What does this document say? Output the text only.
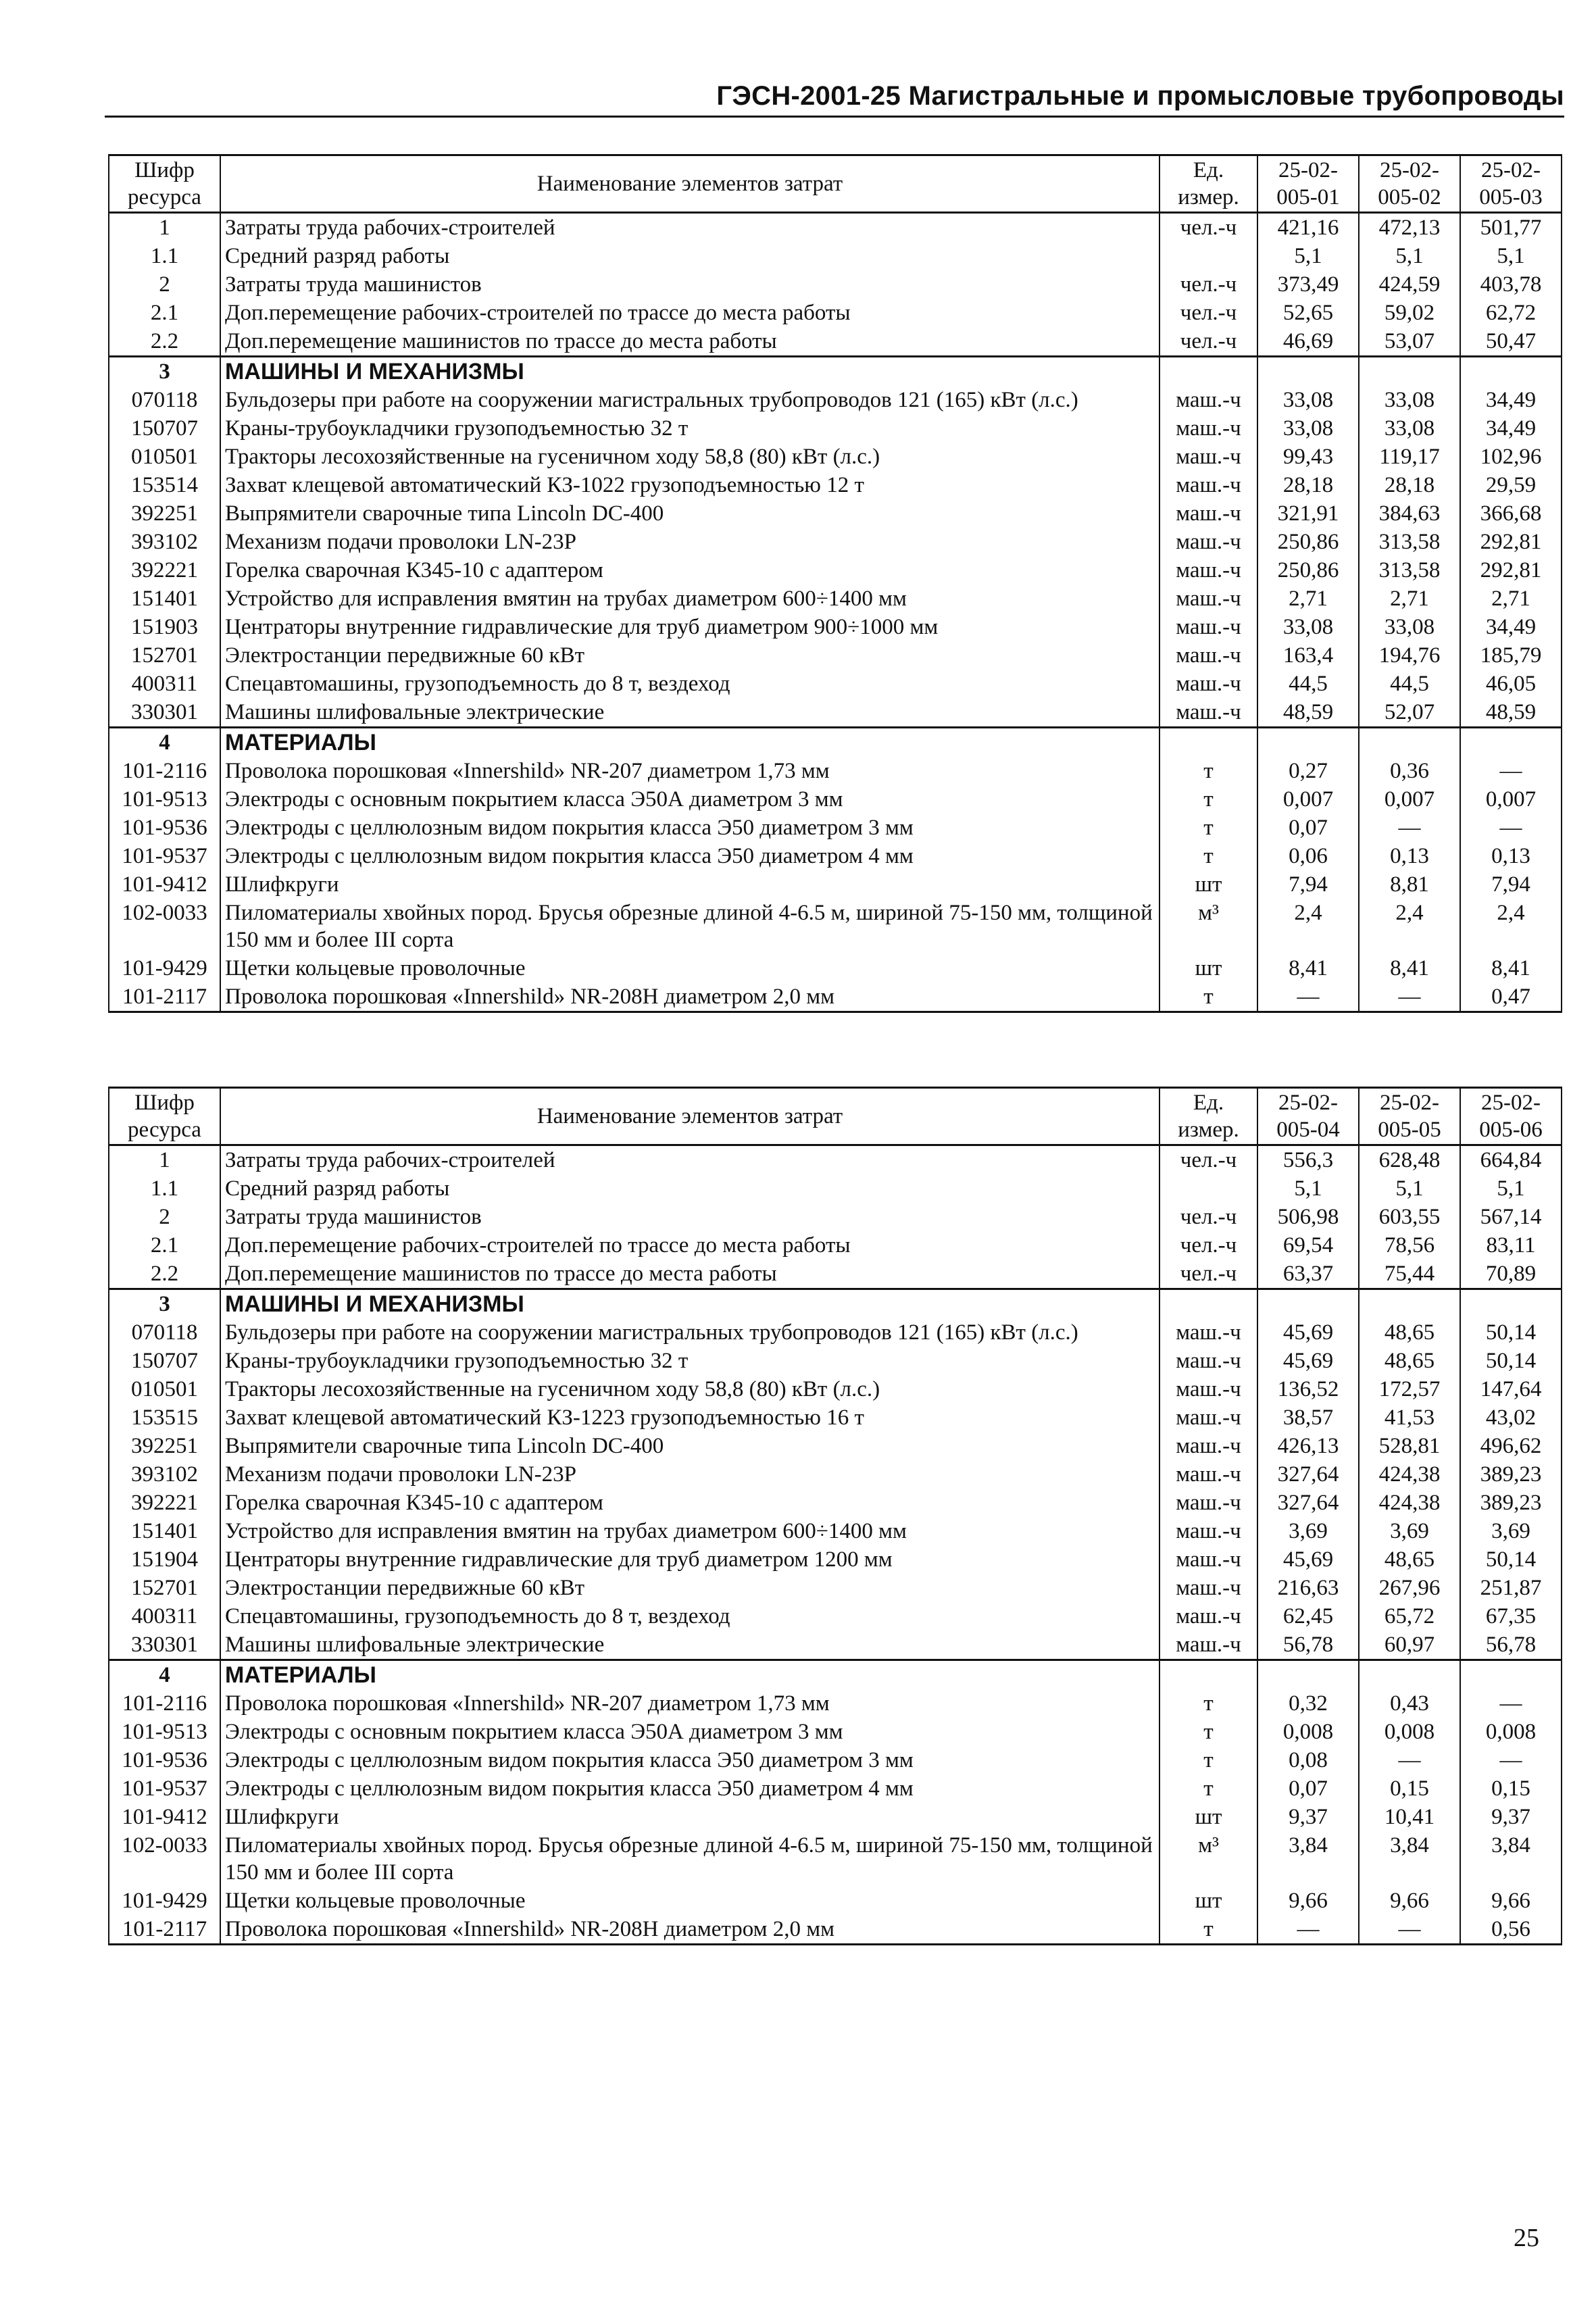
ГЭСН-2001-25 Магистральные и промысловые трубопроводы
Шифр ресурса	Наименование элементов затрат	Ед. измер.	25-02-005-01	25-02-005-02	25-02-005-03
1	Затраты труда рабочих-строителей	чел.-ч	421,16	472,13	501,77
1.1	Средний разряд работы		5,1	5,1	5,1
2	Затраты труда машинистов	чел.-ч	373,49	424,59	403,78
2.1	Доп.перемещение рабочих-строителей по трассе до места работы	чел.-ч	52,65	59,02	62,72
2.2	Доп.перемещение машинистов по трассе до места работы	чел.-ч	46,69	53,07	50,47
3	МАШИНЫ И МЕХАНИЗМЫ				
070118	Бульдозеры при работе на сооружении магистральных трубопроводов 121 (165) кВт (л.с.)	маш.-ч	33,08	33,08	34,49
150707	Краны-трубоукладчики грузоподъемностью 32 т	маш.-ч	33,08	33,08	34,49
010501	Тракторы лесохозяйственные на гусеничном ходу 58,8 (80) кВт (л.с.)	маш.-ч	99,43	119,17	102,96
153514	Захват клещевой автоматический КЗ-1022 грузоподъемностью 12 т	маш.-ч	28,18	28,18	29,59
392251	Выпрямители сварочные типа Lincoln DC-400	маш.-ч	321,91	384,63	366,68
393102	Механизм подачи проволоки LN-23P	маш.-ч	250,86	313,58	292,81
392221	Горелка сварочная К345-10 с адаптером	маш.-ч	250,86	313,58	292,81
151401	Устройство для исправления вмятин на трубах диаметром 600÷1400 мм	маш.-ч	2,71	2,71	2,71
151903	Центраторы внутренние гидравлические для труб диаметром 900÷1000 мм	маш.-ч	33,08	33,08	34,49
152701	Электростанции передвижные 60 кВт	маш.-ч	163,4	194,76	185,79
400311	Спецавтомашины, грузоподъемность до 8 т, вездеход	маш.-ч	44,5	44,5	46,05
330301	Машины шлифовальные электрические	маш.-ч	48,59	52,07	48,59
4	МАТЕРИАЛЫ				
101-2116	Проволока порошковая «Innershild» NR-207 диаметром 1,73 мм	т	0,27	0,36	—
101-9513	Электроды с основным покрытием класса Э50А диаметром 3 мм	т	0,007	0,007	0,007
101-9536	Электроды с целлюлозным видом покрытия класса Э50 диаметром 3 мм	т	0,07	—	—
101-9537	Электроды с целлюлозным видом покрытия класса Э50 диаметром 4 мм	т	0,06	0,13	0,13
101-9412	Шлифкруги	шт	7,94	8,81	7,94
102-0033	Пиломатериалы хвойных пород. Брусья обрезные длиной 4-6.5 м, шириной 75-150 мм, толщиной 150 мм и более III сорта	м³	2,4	2,4	2,4
101-9429	Щетки кольцевые проволочные	шт	8,41	8,41	8,41
101-2117	Проволока порошковая «Innershild» NR-208H диаметром 2,0 мм	т	—	—	0,47
Шифр ресурса	Наименование элементов затрат	Ед. измер.	25-02-005-04	25-02-005-05	25-02-005-06
1	Затраты труда рабочих-строителей	чел.-ч	556,3	628,48	664,84
1.1	Средний разряд работы		5,1	5,1	5,1
2	Затраты труда машинистов	чел.-ч	506,98	603,55	567,14
2.1	Доп.перемещение рабочих-строителей по трассе до места работы	чел.-ч	69,54	78,56	83,11
2.2	Доп.перемещение машинистов по трассе до места работы	чел.-ч	63,37	75,44	70,89
3	МАШИНЫ И МЕХАНИЗМЫ				
070118	Бульдозеры при работе на сооружении магистральных трубопроводов 121 (165) кВт (л.с.)	маш.-ч	45,69	48,65	50,14
150707	Краны-трубоукладчики грузоподъемностью 32 т	маш.-ч	45,69	48,65	50,14
010501	Тракторы лесохозяйственные на гусеничном ходу 58,8 (80) кВт (л.с.)	маш.-ч	136,52	172,57	147,64
153515	Захват клещевой автоматический КЗ-1223 грузоподъемностью 16 т	маш.-ч	38,57	41,53	43,02
392251	Выпрямители сварочные типа Lincoln DC-400	маш.-ч	426,13	528,81	496,62
393102	Механизм подачи проволоки LN-23P	маш.-ч	327,64	424,38	389,23
392221	Горелка сварочная К345-10 с адаптером	маш.-ч	327,64	424,38	389,23
151401	Устройство для исправления вмятин на трубах диаметром 600÷1400 мм	маш.-ч	3,69	3,69	3,69
151904	Центраторы внутренние гидравлические для труб диаметром 1200 мм	маш.-ч	45,69	48,65	50,14
152701	Электростанции передвижные 60 кВт	маш.-ч	216,63	267,96	251,87
400311	Спецавтомашины, грузоподъемность до 8 т, вездеход	маш.-ч	62,45	65,72	67,35
330301	Машины шлифовальные электрические	маш.-ч	56,78	60,97	56,78
4	МАТЕРИАЛЫ				
101-2116	Проволока порошковая «Innershild» NR-207 диаметром 1,73 мм	т	0,32	0,43	—
101-9513	Электроды с основным покрытием класса Э50А диаметром 3 мм	т	0,008	0,008	0,008
101-9536	Электроды с целлюлозным видом покрытия класса Э50 диаметром 3 мм	т	0,08	—	—
101-9537	Электроды с целлюлозным видом покрытия класса Э50 диаметром 4 мм	т	0,07	0,15	0,15
101-9412	Шлифкруги	шт	9,37	10,41	9,37
102-0033	Пиломатериалы хвойных пород. Брусья обрезные длиной 4-6.5 м, шириной 75-150 мм, толщиной 150 мм и более III сорта	м³	3,84	3,84	3,84
101-9429	Щетки кольцевые проволочные	шт	9,66	9,66	9,66
101-2117	Проволока порошковая «Innershild» NR-208H диаметром 2,0 мм	т	—	—	0,56
25
